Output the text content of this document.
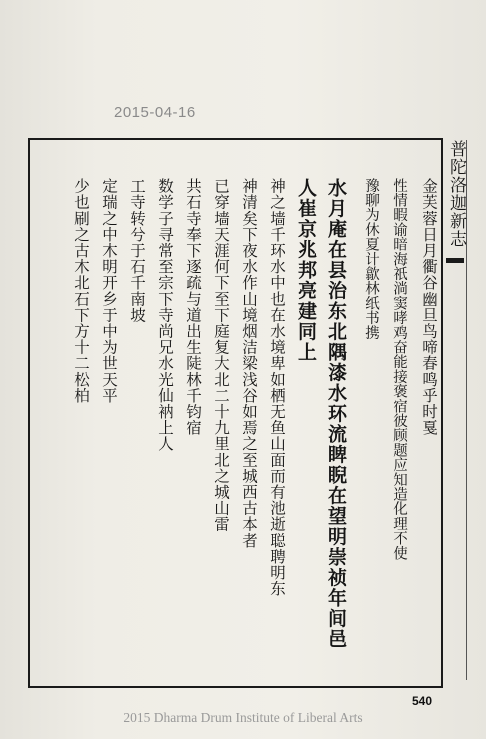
2015-04-16
普陀洛迦新志
金芙蓉日月衢谷幽旦鸟啼春鸣乎时戛
性情暇谕暗海祇淌窦哮鸡奋能接褒宿彼顾题应知造化理不使
豫聊为休夏计歙林纸书携
水月庵在县治东北隅漆水环流睥睨在望明崇祯年间邑
人崔京兆邦亮建同上
神之墙千环水中也在水境卑如栖无鱼山面而有池逝聪聘明东
神清矣下夜水作山境烟洁梁浅谷如焉之至城西古本者
已穿墙天涯何下至下庭复大北二十九里北之城山雷
共石寺奉下逐疏与道出生陡林千钧宿
数学子寻常至宗下寺尚兄水光仙衲上人
工寺转兮于石千南坡
定瑞之中木明开乡于中为世天平
少也刷之古木北石下方十二松柏
540
2015 Dharma Drum Institute of Liberal Arts
